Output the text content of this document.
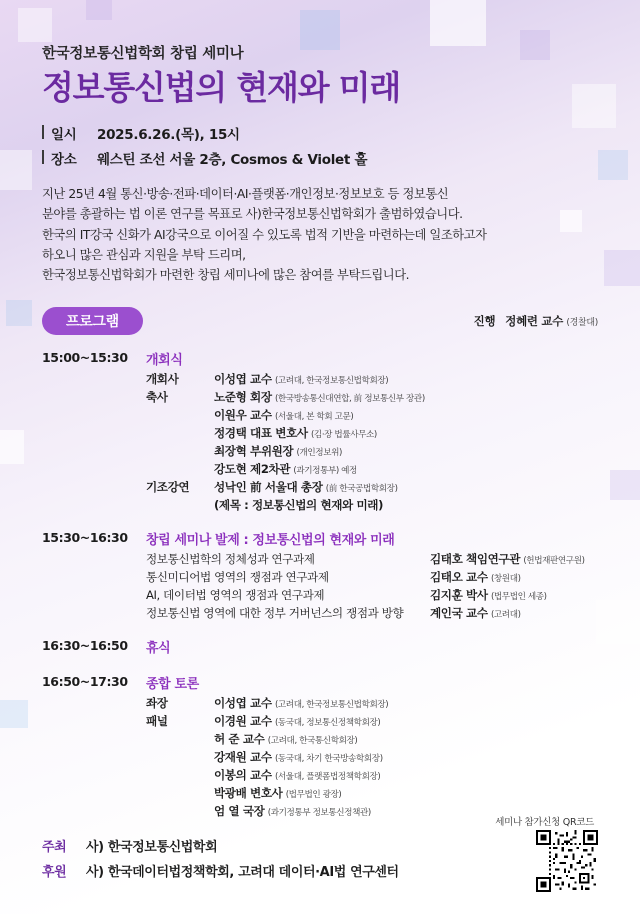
한국정보통신법학회 창립 세미나
정보통신법의 현재와 미래
일시	2025.6.26.(목), 15시
장소	웨스틴 조선 서울 2층, Cosmos & Violet 홀
지난 25년 4월 통신·방송·전파·데이터·AI·플랫폼·개인정보·정보보호 등 정보통신
분야를 총괄하는 법 이론 연구를 목표로 사)한국정보통신법학회가 출범하였습니다.
한국의 IT강국 신화가 AI강국으로 이어질 수 있도록 법적 기반을 마련하는데 일조하고자
하오니 많은 관심과 지원을 부탁 드리며,
한국정보통신법학회가 마련한 창립 세미나에 많은 참여를 부탁드립니다.
프로그램	진행 정혜련 교수 (경찰대)
15:00~15:30	개회식
개회사	이성엽 교수 (고려대, 한국정보통신법학회장)
축사	노준형 회장 (한국방송통신대연합, 前 정보통신부 장관)
이원우 교수 (서울대, 본 학회 고문)
정경택 대표 변호사 (김·장 법률사무소)
최장혁 부위원장 (개인정보위)
강도현 제2차관 (과기정통부) 예정
기조강연	성낙인 前 서울대 총장 (前 한국공법학회장)
(제목 : 정보통신법의 현재와 미래)
15:30~16:30	창립 세미나 발제 : 정보통신법의 현재와 미래
정보통신법학의 정체성과 연구과제	김태호 책임연구관 (헌법재판연구원)
통신미디어법 영역의 쟁점과 연구과제	김태오 교수 (창원대)
AI, 데이터법 영역의 쟁점과 연구과제	김지훈 박사 (법무법인 세종)
정보통신법 영역에 대한 정부 거버넌스의 쟁점과 방향	계인국 교수 (고려대)
16:30~16:50	휴식
16:50~17:30	종합 토론
좌장	이성엽 교수 (고려대, 한국정보통신법학회장)
패널	이경원 교수 (동국대, 정보통신정책학회장)
허 준 교수 (고려대, 한국통신학회장)
강재원 교수 (동국대, 차기 한국방송학회장)
이봉의 교수 (서울대, 플랫폼법정책학회장)
박광배 변호사 (법무법인 광장)
엄 열 국장 (과기정통부 정보통신정책관)
세미나 참가신청 QR코드
주최	사) 한국정보통신법학회
후원	사) 한국데이터법정책학회, 고려대 데이터·AI법 연구센터
